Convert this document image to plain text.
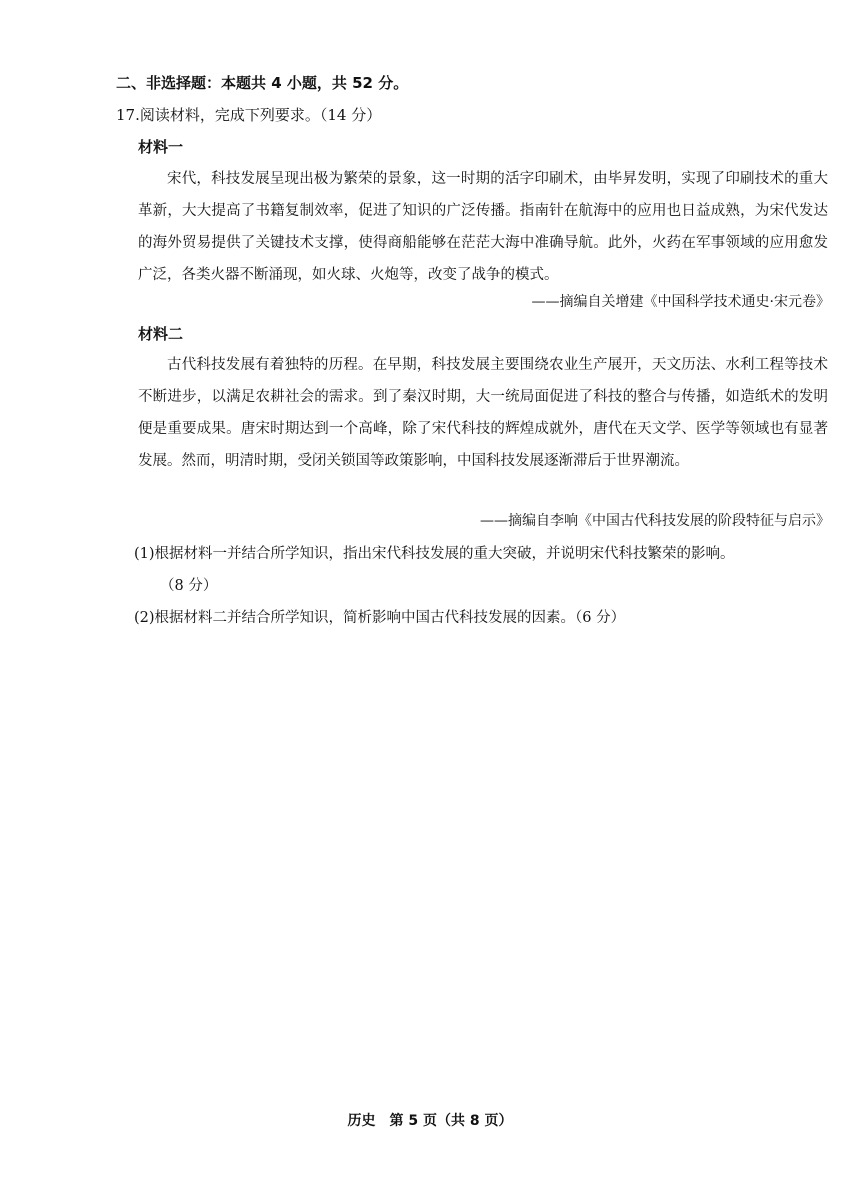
二、非选择题：本题共 4 小题，共 52 分。
17.阅读材料，完成下列要求。（14 分）
材料一

宋代，科技发展呈现出极为繁荣的景象，这一时期的活字印刷术，由毕昇发明，实现了印刷技术的重大革新，大大提高了书籍复制效率，促进了知识的广泛传播。指南针在航海中的应用也日益成熟，为宋代发达的海外贸易提供了关键技术支撑，使得商船能够在茫茫大海中准确导航。此外，火药在军事领域的应用愈发广泛，各类火器不断涌现，如火球、火炮等，改变了战争的模式。

——摘编自关增建《中国科学技术通史·宋元卷》
材料二

古代科技发展有着独特的历程。在早期，科技发展主要围绕农业生产展开，天文历法、水利工程等技术不断进步，以满足农耕社会的需求。到了秦汉时期，大一统局面促进了科技的整合与传播，如造纸术的发明便是重要成果。唐宋时期达到一个高峰，除了宋代科技的辉煌成就外，唐代在天文学、医学等领域也有显著发展。然而，明清时期，受闭关锁国等政策影响，中国科技发展逐渐滞后于世界潮流。

——摘编自李响《中国古代科技发展的阶段特征与启示》

(1)根据材料一并结合所学知识，指出宋代科技发展的重大突破，并说明宋代科技繁荣的影响。
（8 分）

(2)根据材料二并结合所学知识，简析影响中国古代科技发展的因素。（6 分）

历史　第 5 页（共 8 页）
